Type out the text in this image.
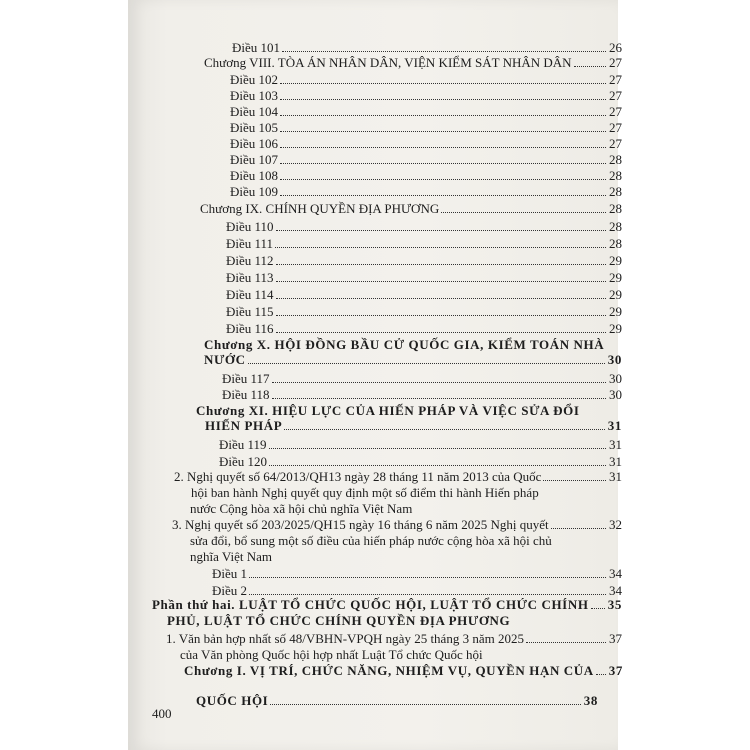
Điều 101	26
Chương VIII. TÒA ÁN NHÂN DÂN, VIỆN KIỂM SÁT NHÂN DÂN	27
Điều 102	27
Điều 103	27
Điều 104	27
Điều 105	27
Điều 106	27
Điều 107	28
Điều 108	28
Điều 109	28
Chương IX. CHÍNH QUYỀN ĐỊA PHƯƠNG	28
Điều 110	28
Điều 111	28
Điều 112	29
Điều 113	29
Điều 114	29
Điều 115	29
Điều 116	29
Chương X. HỘI ĐỒNG BẦU CỬ QUỐC GIA, KIỂM TOÁN NHÀ
NƯỚC	30
Điều 117	30
Điều 118	30
Chương XI. HIỆU LỰC CỦA HIẾN PHÁP VÀ VIỆC SỬA ĐỔI
HIẾN PHÁP	31
Điều 119	31
Điều 120	31
2. Nghị quyết số 64/2013/QH13 ngày 28 tháng 11 năm 2013 của Quốc	31
hội ban hành Nghị quyết quy định một số điểm thi hành Hiến pháp
nước Cộng hòa xã hội chủ nghĩa Việt Nam
3. Nghị quyết số 203/2025/QH15 ngày 16 tháng 6 năm 2025 Nghị quyết	32
sửa đổi, bổ sung một số điều của hiến pháp nước cộng hòa xã hội chủ
nghĩa Việt Nam
Điều 1	34
Điều 2	34
Phần thứ hai. LUẬT TỔ CHỨC QUỐC HỘI, LUẬT TỔ CHỨC CHÍNH 35
PHỦ, LUẬT TỔ CHỨC CHÍNH QUYỀN ĐỊA PHƯƠNG
1. Văn bản hợp nhất số 48/VBHN-VPQH ngày 25 tháng 3 năm 2025	37
của Văn phòng Quốc hội hợp nhất Luật Tổ chức Quốc hội
Chương I. VỊ TRÍ, CHỨC NĂNG, NHIỆM VỤ, QUYỀN HẠN CỦA 37
QUỐC HỘI	38
400
